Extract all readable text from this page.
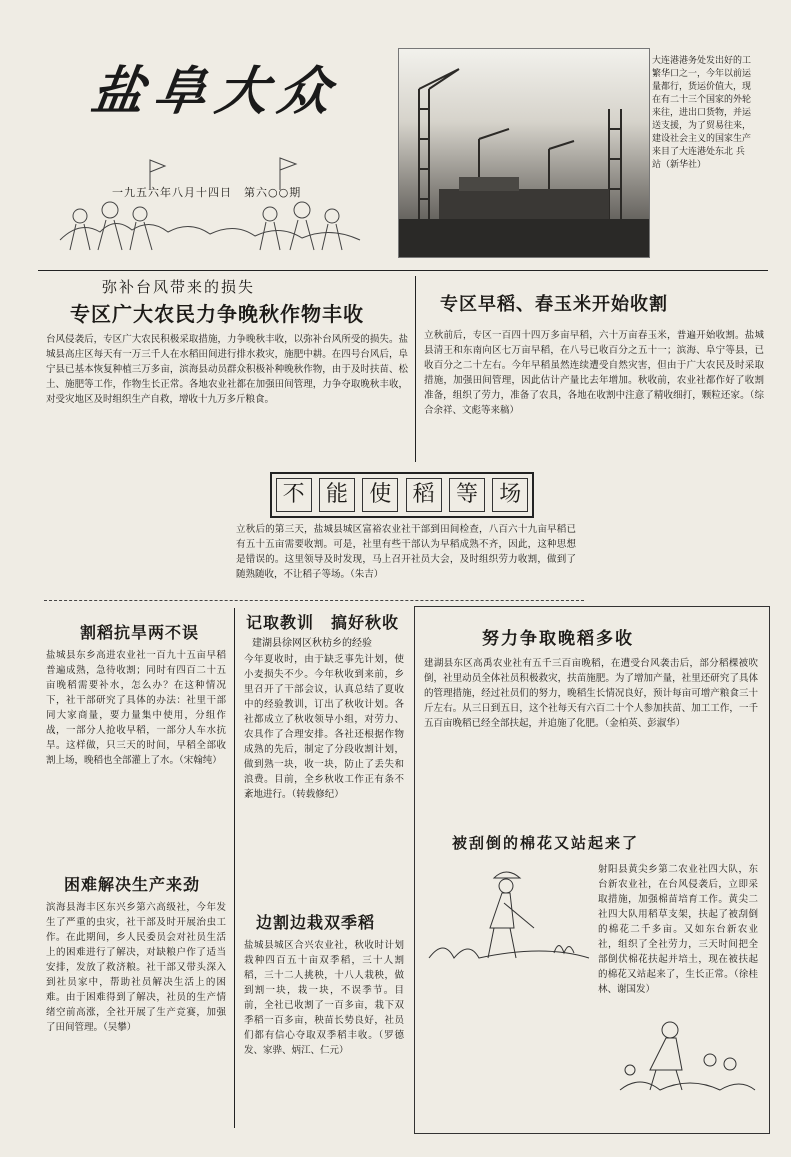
盐阜大众
一九五六年八月十四日　第六○○期
大连港港务处发出好的工繁华口之一，今年以前运量都行，货运价值大，现在有二十三个国家的外轮来往，进出口货物，并运送支援，为了贸易往来，建设社会主义的国家生产来目了大连港处东北 兵站（新华社）
弥补台风带来的损失
专区广大农民力争晚秋作物丰收
台风侵袭后，专区广大农民积极采取措施，力争晚秋丰收，以弥补台风所受的损失。盐城县高庄区每天有一万三千人在水稻田间进行排水救灾，施肥中耕。在四号台风后，阜宁县已基本恢复种植三万多亩，滨海县动员群众积极补种晚秋作物，由于及时扶苗、松土、施肥等工作，作物生长正常。各地农业社都在加强田间管理，力争夺取晚秋丰收，对受灾地区及时组织生产自救，增收十九万多斤粮食。
专区早稻、春玉米开始收割
立秋前后，专区一百四十四万多亩早稻，六十万亩春玉米，普遍开始收割。盐城县清王和东南向区七万亩早稻，在八号已收百分之五十一；滨海、阜宁等县，已收百分之二十左右。今年早稻虽然连续遭受自然灾害，但由于广大农民及时采取措施，加强田间管理，因此估计产量比去年增加。秋收前，农业社都作好了收割准备，组织了劳力，准备了农具，各地在收割中注意了精收细打，颗粒还家。（综合余祥、文彪等来稿）
不 能 使 稻 等 场
立秋后的第三天，盐城县城区富裕农业社干部到田间检查，八百六十九亩早稻已有五十五亩需要收割。可是，社里有些干部认为早稻成熟不齐，因此，这种思想是错误的。这里领导及时发现，马上召开社员大会，及时组织劳力收割，做到了随熟随收，不让稻子等场。（朱吉）
割稻抗旱两不误
盐城县东乡高进农业社一百九十五亩早稻普遍成熟，急待收割；同时有四百二十五亩晚稻需要补水，怎么办？在这种情况下，社干部研究了具体的办法：社里干部同大家商量，要力量集中使用，分组作战，一部分人抢收早稻，一部分人车水抗旱。这样做，只三天的时间，早稻全部收割上场，晚稻也全部灌上了水。（宋翰纯）
困难解决生产来劲
滨海县海丰区东兴乡第六高级社，今年发生了严重的虫灾，社干部及时开展治虫工作。在此期间，乡人民委员会对社员生活上的困难进行了解决，对缺粮户作了适当安排，发放了救济粮。社干部又带头深入到社员家中，帮助社员解决生活上的困难。由于困难得到了解决，社员的生产情绪空前高涨，全社开展了生产竞赛，加强了田间管理。（吴攀）
记取教训　搞好秋收
建湖县徐网区秋枋乡的经验
今年夏收时，由于缺乏事先计划，使小麦损失不少。今年秋收到来前，乡里召开了干部会议，认真总结了夏收中的经验教训，订出了秋收计划。各社都成立了秋收领导小组，对劳力、农具作了合理安排。各社还根据作物成熟的先后，制定了分段收割计划，做到熟一块，收一块，防止了丢失和浪费。目前，全乡秋收工作正有条不紊地进行。（转载修纪）
边割边栽双季稻
盐城县城区合兴农业社，秋收时计划栽种四百五十亩双季稻，三十人割稻，三十二人挑秧，十八人栽秧，做到割一块，栽一块，不误季节。目前，全社已收割了一百多亩，栽下双季稻一百多亩，秧苗长势良好，社员们都有信心夺取双季稻丰收。（罗德发、家骅、炳江、仁元）
努力争取晚稻多收
建湖县东区高禹农业社有五千三百亩晚稻，在遭受台风袭击后，部分稻棵被吹倒，社里动员全体社员积极救灾，扶苗施肥。为了增加产量，社里还研究了具体的管理措施，经过社员们的努力，晚稻生长情况良好，预计每亩可增产粮食三十斤左右。从三日到五日，这个社每天有六百二十个人参加扶苗、加工工作，一千五百亩晚稻已经全部扶起，并追施了化肥。（金柏英、彭淑华）
被刮倒的棉花又站起来了
射阳县黄尖乡第二农业社四大队，东台新农业社，在台风侵袭后，立即采取措施，加强棉苗培育工作。黄尖二社四大队用稻草支架，扶起了被刮倒的棉花二千多亩。又如东台新农业社，组织了全社劳力，三天时间把全部倒伏棉花扶起并培土，现在被扶起的棉花又站起来了，生长正常。（徐桂林、谢国发）
